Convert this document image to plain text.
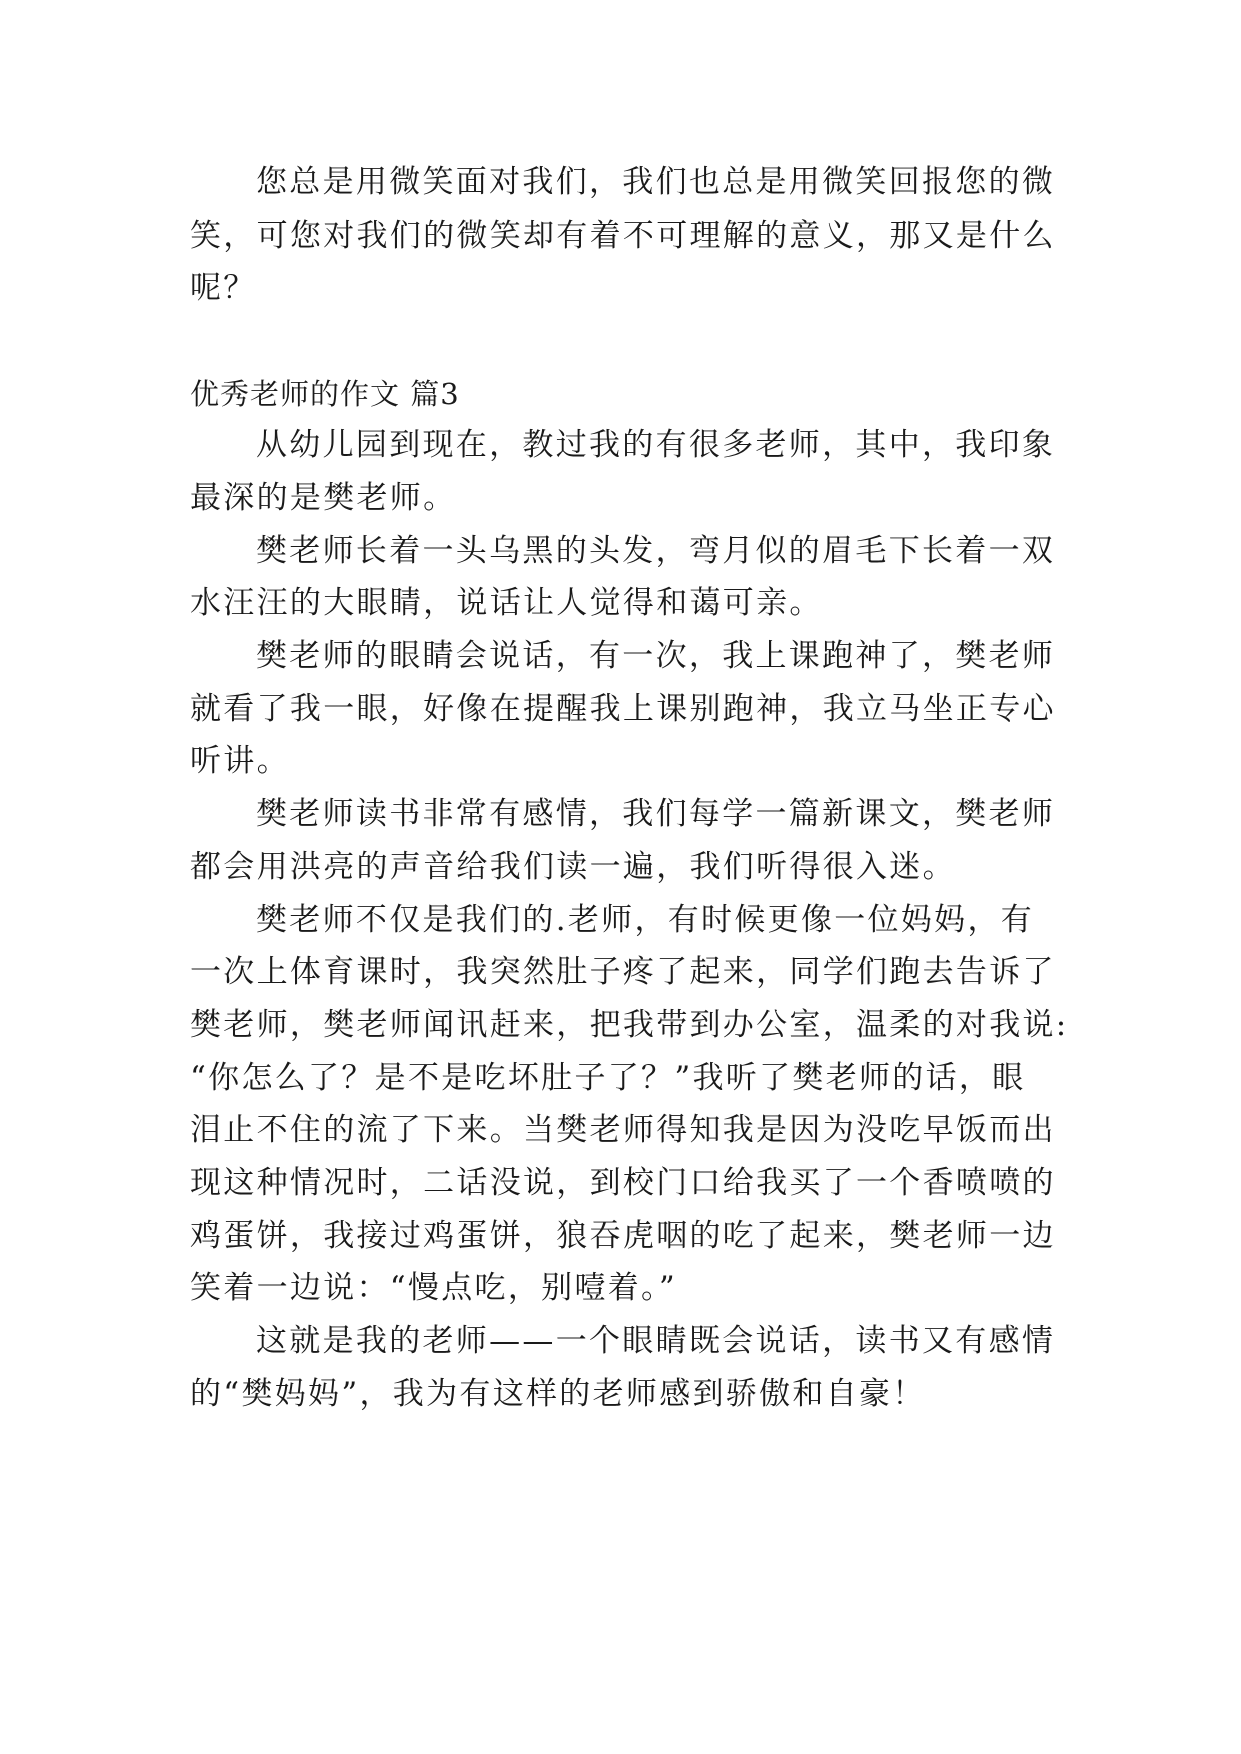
您总是用微笑面对我们，我们也总是用微笑回报您的微
笑，可您对我们的微笑却有着不可理解的意义，那又是什么
呢？
优秀老师的作文 篇3
从幼儿园到现在，教过我的有很多老师，其中，我印象
最深的是樊老师。
樊老师长着一头乌黑的头发，弯月似的眉毛下长着一双
水汪汪的大眼睛，说话让人觉得和蔼可亲。
樊老师的眼睛会说话，有一次，我上课跑神了，樊老师
就看了我一眼，好像在提醒我上课别跑神，我立马坐正专心
听讲。
樊老师读书非常有感情，我们每学一篇新课文，樊老师
都会用洪亮的声音给我们读一遍，我们听得很入迷。
樊老师不仅是我们的.老师，有时候更像一位妈妈，有
一次上体育课时，我突然肚子疼了起来，同学们跑去告诉了
樊老师，樊老师闻讯赶来，把我带到办公室，温柔的对我说:
“你怎么了？是不是吃坏肚子了？”我听了樊老师的话，眼
泪止不住的流了下来。当樊老师得知我是因为没吃早饭而出
现这种情况时，二话没说，到校门口给我买了一个香喷喷的
鸡蛋饼，我接过鸡蛋饼，狼吞虎咽的吃了起来，樊老师一边
笑着一边说：“慢点吃，别噎着。”
这就是我的老师——一个眼睛既会说话，读书又有感情
的“樊妈妈”，我为有这样的老师感到骄傲和自豪！
